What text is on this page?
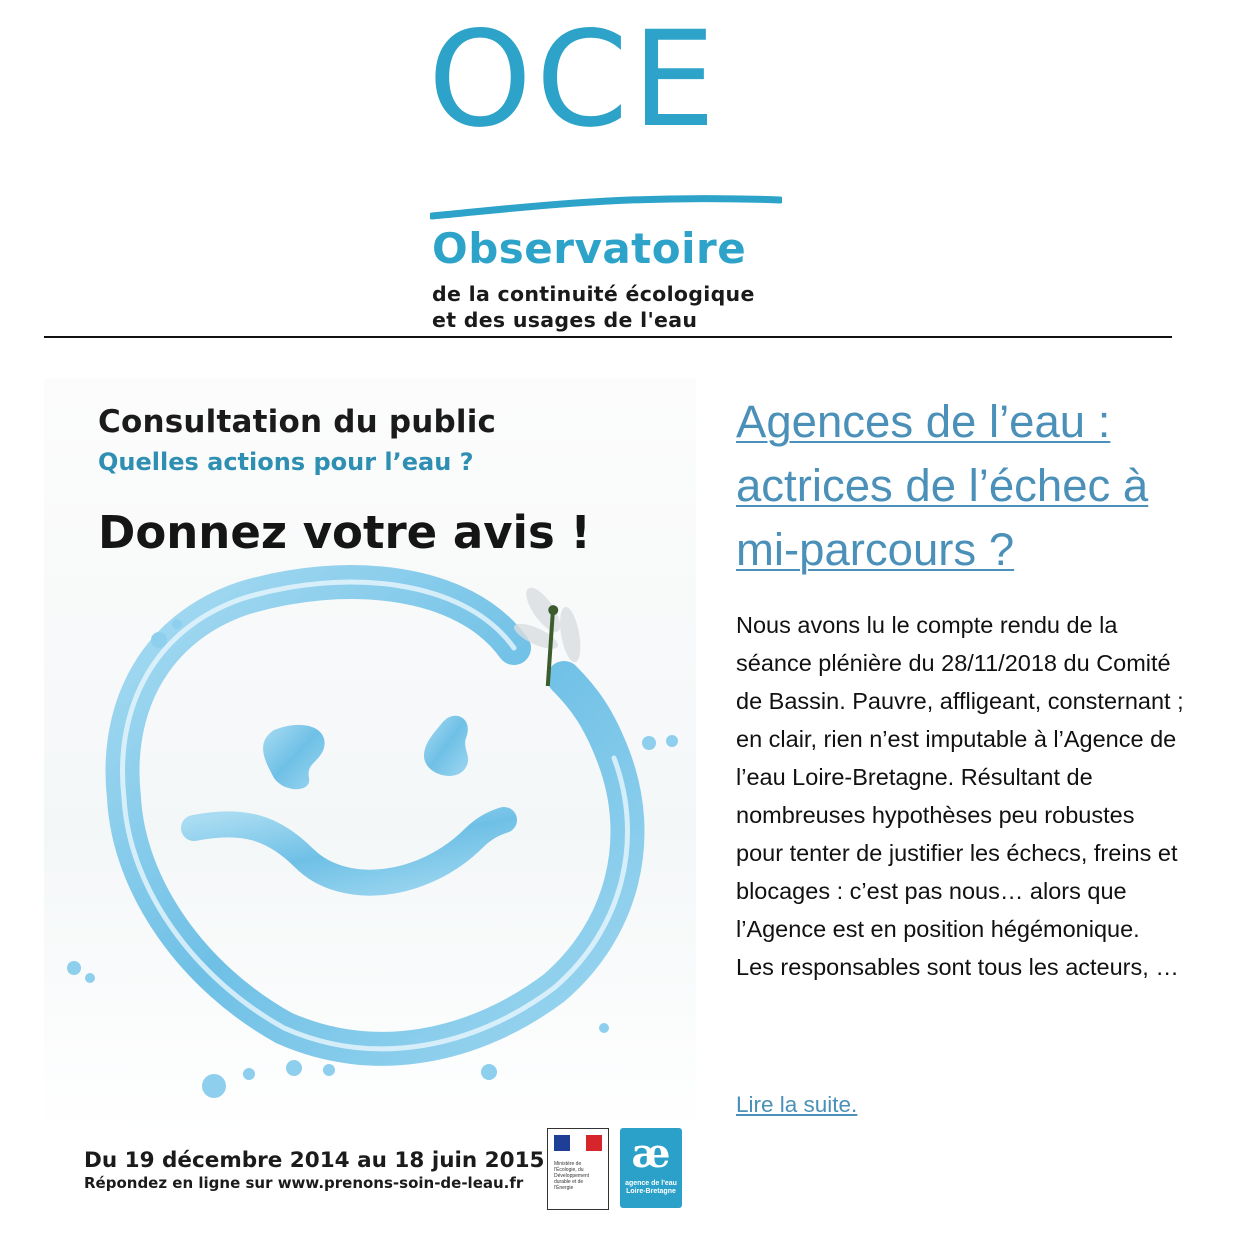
OCE
Observatoire
de la continuité écologique
et des usages de l'eau
Consultation du public
Quelles actions pour l’eau ?
Donnez votre avis !
Du 19 décembre 2014 au 18 juin 2015
Répondez en ligne sur www.prenons-soin-de-leau.fr
Ministère de l'Écologie, du Développement durable et de l'Énergie
æ
agence de l'eau Loire-Bretagne
Agences de l’eau : actrices de l’échec à mi-parcours ?
Nous avons lu le compte rendu de la séance plénière du 28/11/2018 du Comité de Bassin. Pauvre, affligeant, consternant ; en clair, rien n’est imputable à l’Agence de l’eau Loire-Bretagne. Résultant de nombreuses hypothèses peu robustes pour tenter de justifier les échecs, freins et blocages : c’est pas nous… alors que l’Agence est en position hégémonique. Les responsables sont tous les acteurs, …
Lire la suite.
